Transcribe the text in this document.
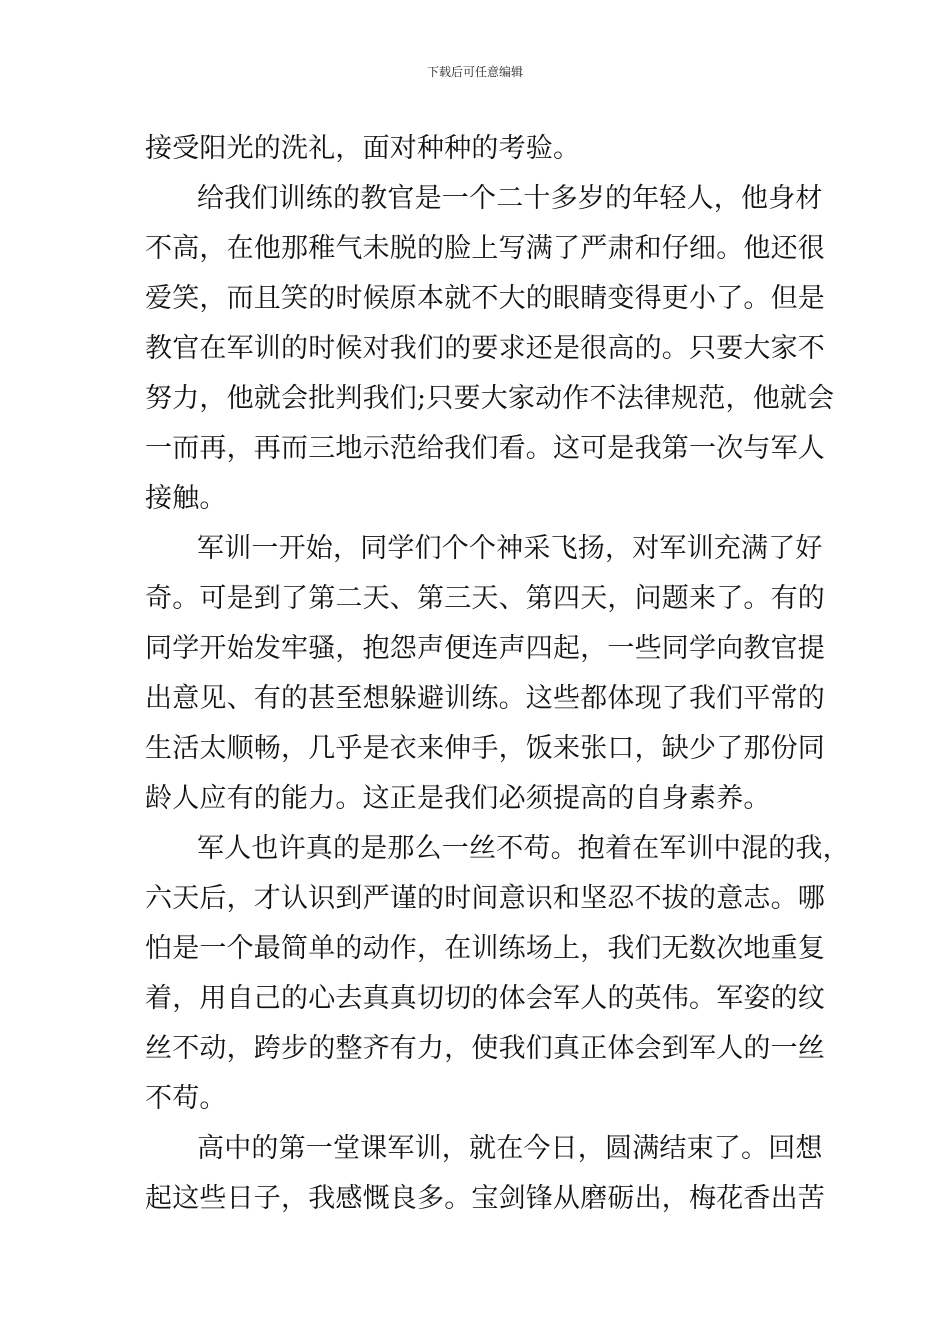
下载后可任意编辑
接受阳光的洗礼，面对种种的考验。
给我们训练的教官是一个二十多岁的年轻人，他身材
不高，在他那稚气未脱的脸上写满了严肃和仔细。他还很
爱笑，而且笑的时候原本就不大的眼睛变得更小了。但是
教官在军训的时候对我们的要求还是很高的。只要大家不
努力，他就会批判我们;只要大家动作不法律规范，他就会
一而再，再而三地示范给我们看。这可是我第一次与军人
接触。
军训一开始，同学们个个神采飞扬，对军训充满了好
奇。可是到了第二天、第三天、第四天，问题来了。有的
同学开始发牢骚，抱怨声便连声四起，一些同学向教官提
出意见、有的甚至想躲避训练。这些都体现了我们平常的
生活太顺畅，几乎是衣来伸手，饭来张口，缺少了那份同
龄人应有的能力。这正是我们必须提高的自身素养。
军人也许真的是那么一丝不苟。抱着在军训中混的我，
六天后，才认识到严谨的时间意识和坚忍不拔的意志。哪
怕是一个最简单的动作，在训练场上，我们无数次地重复
着，用自己的心去真真切切的体会军人的英伟。军姿的纹
丝不动，跨步的整齐有力，使我们真正体会到军人的一丝
不苟。
高中的第一堂课军训，就在今日，圆满结束了。回想
起这些日子，我感慨良多。宝剑锋从磨砺出，梅花香出苦
